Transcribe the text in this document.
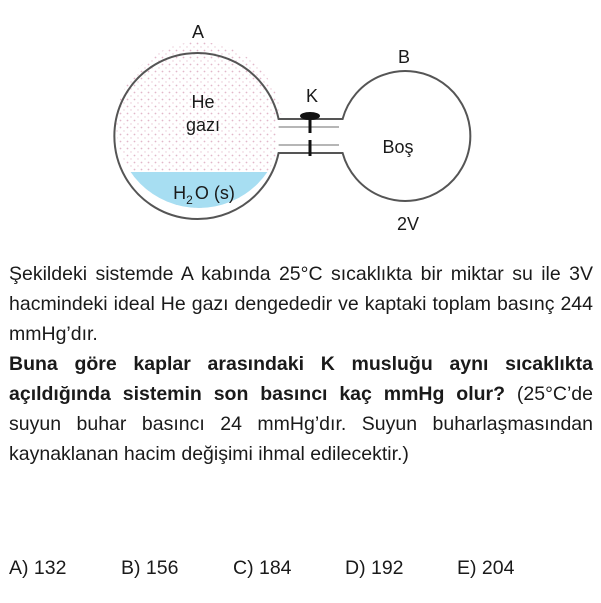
A
B
K
He
gazı
$H_2$ O (s)
Boş
2V

Şekildeki sistemde A kabında 25°C sıcaklıkta bir miktar su ile 3V hacmindeki ideal He gazı dengededir ve kaptaki toplam basınç 244 mmHg’dır.

Buna göre kaplar arasındaki K musluğu aynı sıcaklıkta açıldığında sistemin son basıncı kaç mmHg olur? (25°C’de suyun buhar basıncı 24 mmHg’dır. Suyun buharlaşmasından kaynaklanan hacim değişimi ihmal edilecektir.)

A) 132	B) 156	C) 184	D) 192	E) 204
